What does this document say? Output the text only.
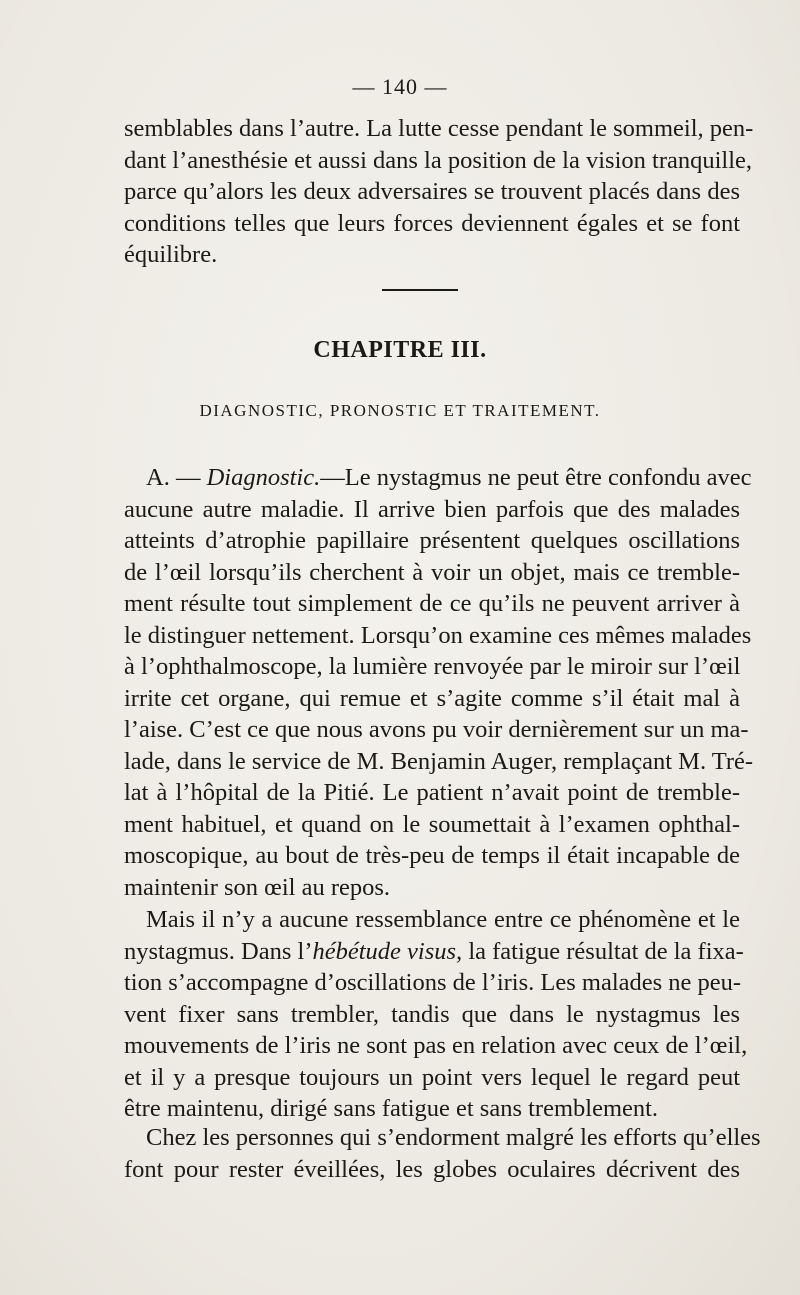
— 140 —
semblables dans l’autre. La lutte cesse pendant le sommeil, pen-
dant l’anesthésie et aussi dans la position de la vision tranquille,
parce qu’alors les deux adversaires se trouvent placés dans des
conditions telles que leurs forces deviennent égales et se font
équilibre.
CHAPITRE III.
DIAGNOSTIC, PRONOSTIC ET TRAITEMENT.
A. — Diagnostic.—Le nystagmus ne peut être confondu avec
aucune autre maladie. Il arrive bien parfois que des malades
atteints d’atrophie papillaire présentent quelques oscillations
de l’œil lorsqu’ils cherchent à voir un objet, mais ce tremble-
ment résulte tout simplement de ce qu’ils ne peuvent arriver à
le distinguer nettement. Lorsqu’on examine ces mêmes malades
à l’ophthalmoscope, la lumière renvoyée par le miroir sur l’œil
irrite cet organe, qui remue et s’agite comme s’il était mal à
l’aise. C’est ce que nous avons pu voir dernièrement sur un ma-
lade, dans le service de M. Benjamin Auger, remplaçant M. Tré-
lat à l’hôpital de la Pitié. Le patient n’avait point de tremble-
ment habituel, et quand on le soumettait à l’examen ophthal-
moscopique, au bout de très-peu de temps il était incapable de
maintenir son œil au repos.
Mais il n’y a aucune ressemblance entre ce phénomène et le
nystagmus. Dans l’hébétude visus, la fatigue résultat de la fixa-
tion s’accompagne d’oscillations de l’iris. Les malades ne peu-
vent fixer sans trembler, tandis que dans le nystagmus les
mouvements de l’iris ne sont pas en relation avec ceux de l’œil,
et il y a presque toujours un point vers lequel le regard peut
être maintenu, dirigé sans fatigue et sans tremblement.
Chez les personnes qui s’endorment malgré les efforts qu’elles
font pour rester éveillées, les globes oculaires décrivent des
